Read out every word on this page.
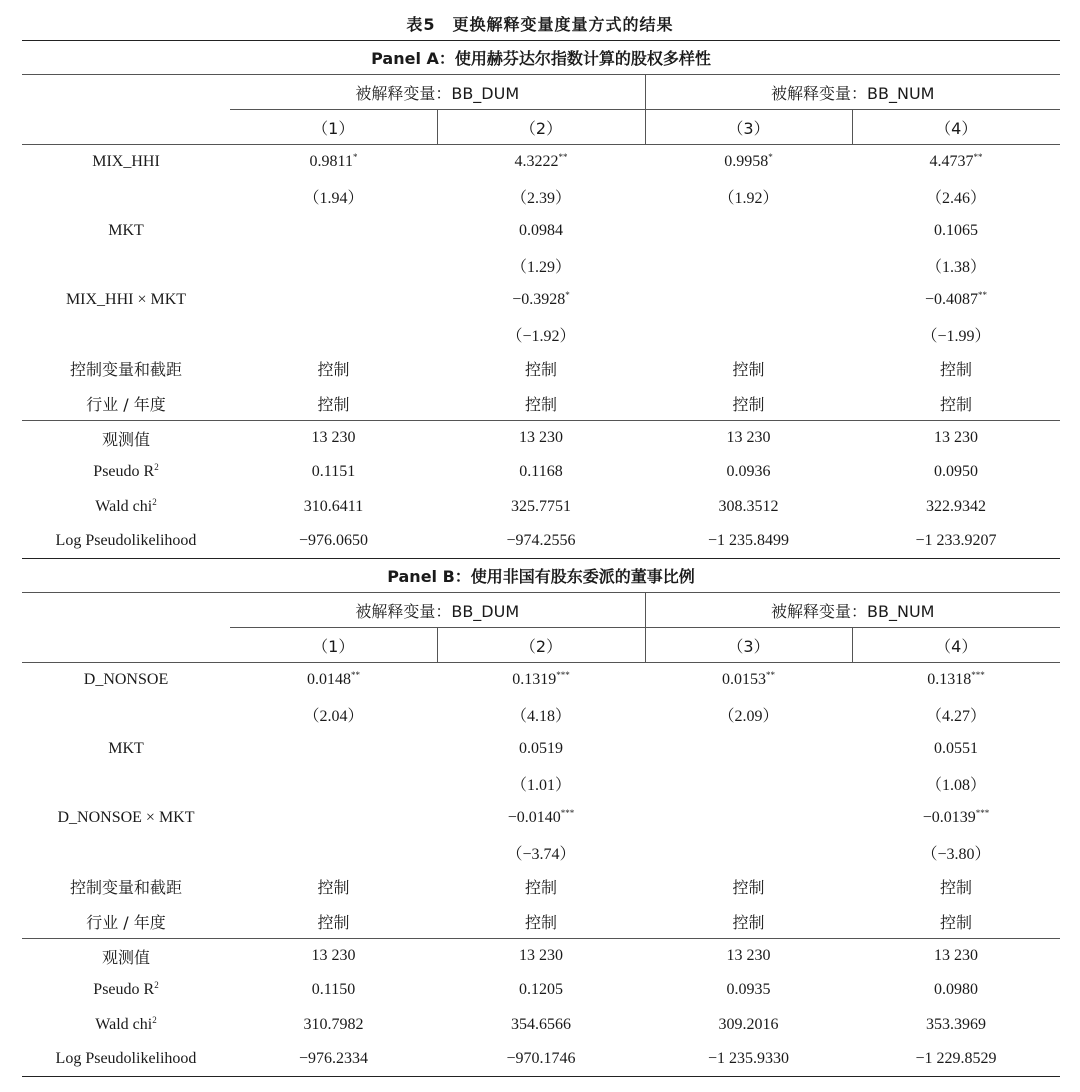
表5　更换解释变量度量方式的结果
Panel A：使用赫芬达尔指数计算的股权多样性				
	被解释变量：BB_DUM		被解释变量：BB_NUM	
	（1）	（2）	（3）	（4）
MIX_HHI	0.9811*	4.3222**	0.9958*	4.4737**
	（1.94）	（2.39）	（1.92）	（2.46）
MKT		0.0984		0.1065
		（1.29）		（1.38）
MIX_HHI × MKT		−0.3928*		−0.4087**
		（−1.92）		（−1.99）
控制变量和截距	控制	控制	控制	控制
行业 / 年度	控制	控制	控制	控制
观测值	13 230	13 230	13 230	13 230
Pseudo $R^2$	0.1151	0.1168	0.0936	0.0950
Wald chi$^2$	310.6411	325.7751	308.3512	322.9342
Log Pseudolikelihood	−976.0650	−974.2556	−1 235.8499	−1 233.9207
Panel B：使用非国有股东委派的董事比例				
	被解释变量：BB_DUM		被解释变量：BB_NUM	
	（1）	（2）	（3）	（4）
D_NONSOE	0.0148**	0.1319***	0.0153**	0.1318***
	（2.04）	（4.18）	（2.09）	（4.27）
MKT		0.0519		0.0551
		（1.01）		（1.08）
D_NONSOE × MKT		−0.0140***		−0.0139***
		（−3.74）		（−3.80）
控制变量和截距	控制	控制	控制	控制
行业 / 年度	控制	控制	控制	控制
观测值	13 230	13 230	13 230	13 230
Pseudo $R^2$	0.1150	0.1205	0.0935	0.0980
Wald chi$^2$	310.7982	354.6566	309.2016	353.3969
Log Pseudolikelihood	−976.2334	−970.1746	−1 235.9330	−1 229.8529
